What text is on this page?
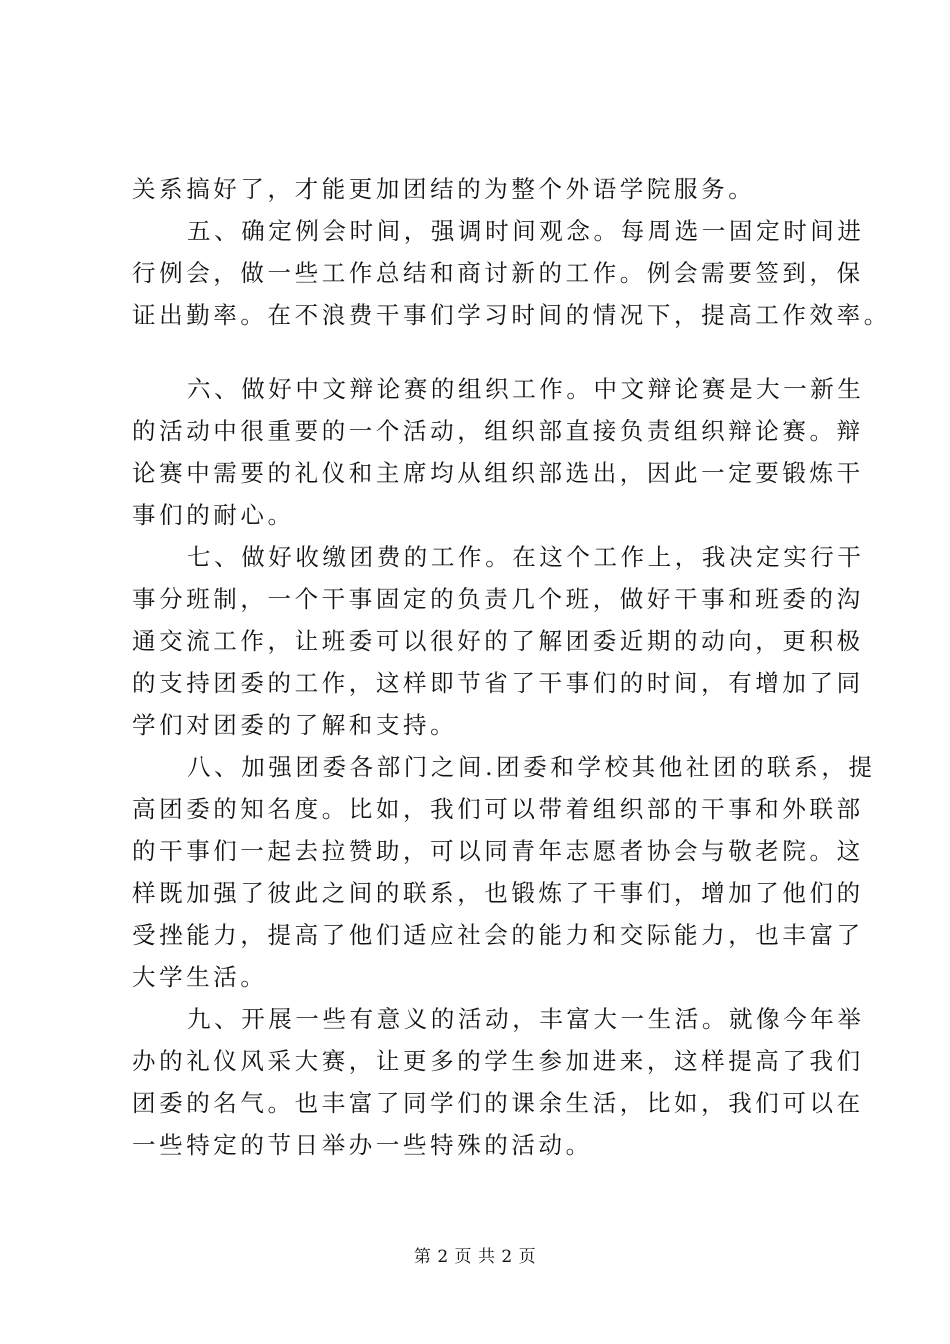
关系搞好了，才能更加团结的为整个外语学院服务。
五、确定例会时间，强调时间观念。每周选一固定时间进
行例会，做一些工作总结和商讨新的工作。例会需要签到，保
证出勤率。在不浪费干事们学习时间的情况下，提高工作效率。
六、做好中文辩论赛的组织工作。中文辩论赛是大一新生
的活动中很重要的一个活动，组织部直接负责组织辩论赛。辩
论赛中需要的礼仪和主席均从组织部选出，因此一定要锻炼干
事们的耐心。
七、做好收缴团费的工作。在这个工作上，我决定实行干
事分班制，一个干事固定的负责几个班，做好干事和班委的沟
通交流工作，让班委可以很好的了解团委近期的动向，更积极
的支持团委的工作，这样即节省了干事们的时间，有增加了同
学们对团委的了解和支持。
八、加强团委各部门之间.团委和学校其他社团的联系，提
高团委的知名度。比如，我们可以带着组织部的干事和外联部
的干事们一起去拉赞助，可以同青年志愿者协会与敬老院。这
样既加强了彼此之间的联系，也锻炼了干事们，增加了他们的
受挫能力，提高了他们适应社会的能力和交际能力，也丰富了
大学生活。
九、开展一些有意义的活动，丰富大一生活。就像今年举
办的礼仪风采大赛，让更多的学生参加进来，这样提高了我们
团委的名气。也丰富了同学们的课余生活，比如，我们可以在
一些特定的节日举办一些特殊的活动。
第 2 页 共 2 页
